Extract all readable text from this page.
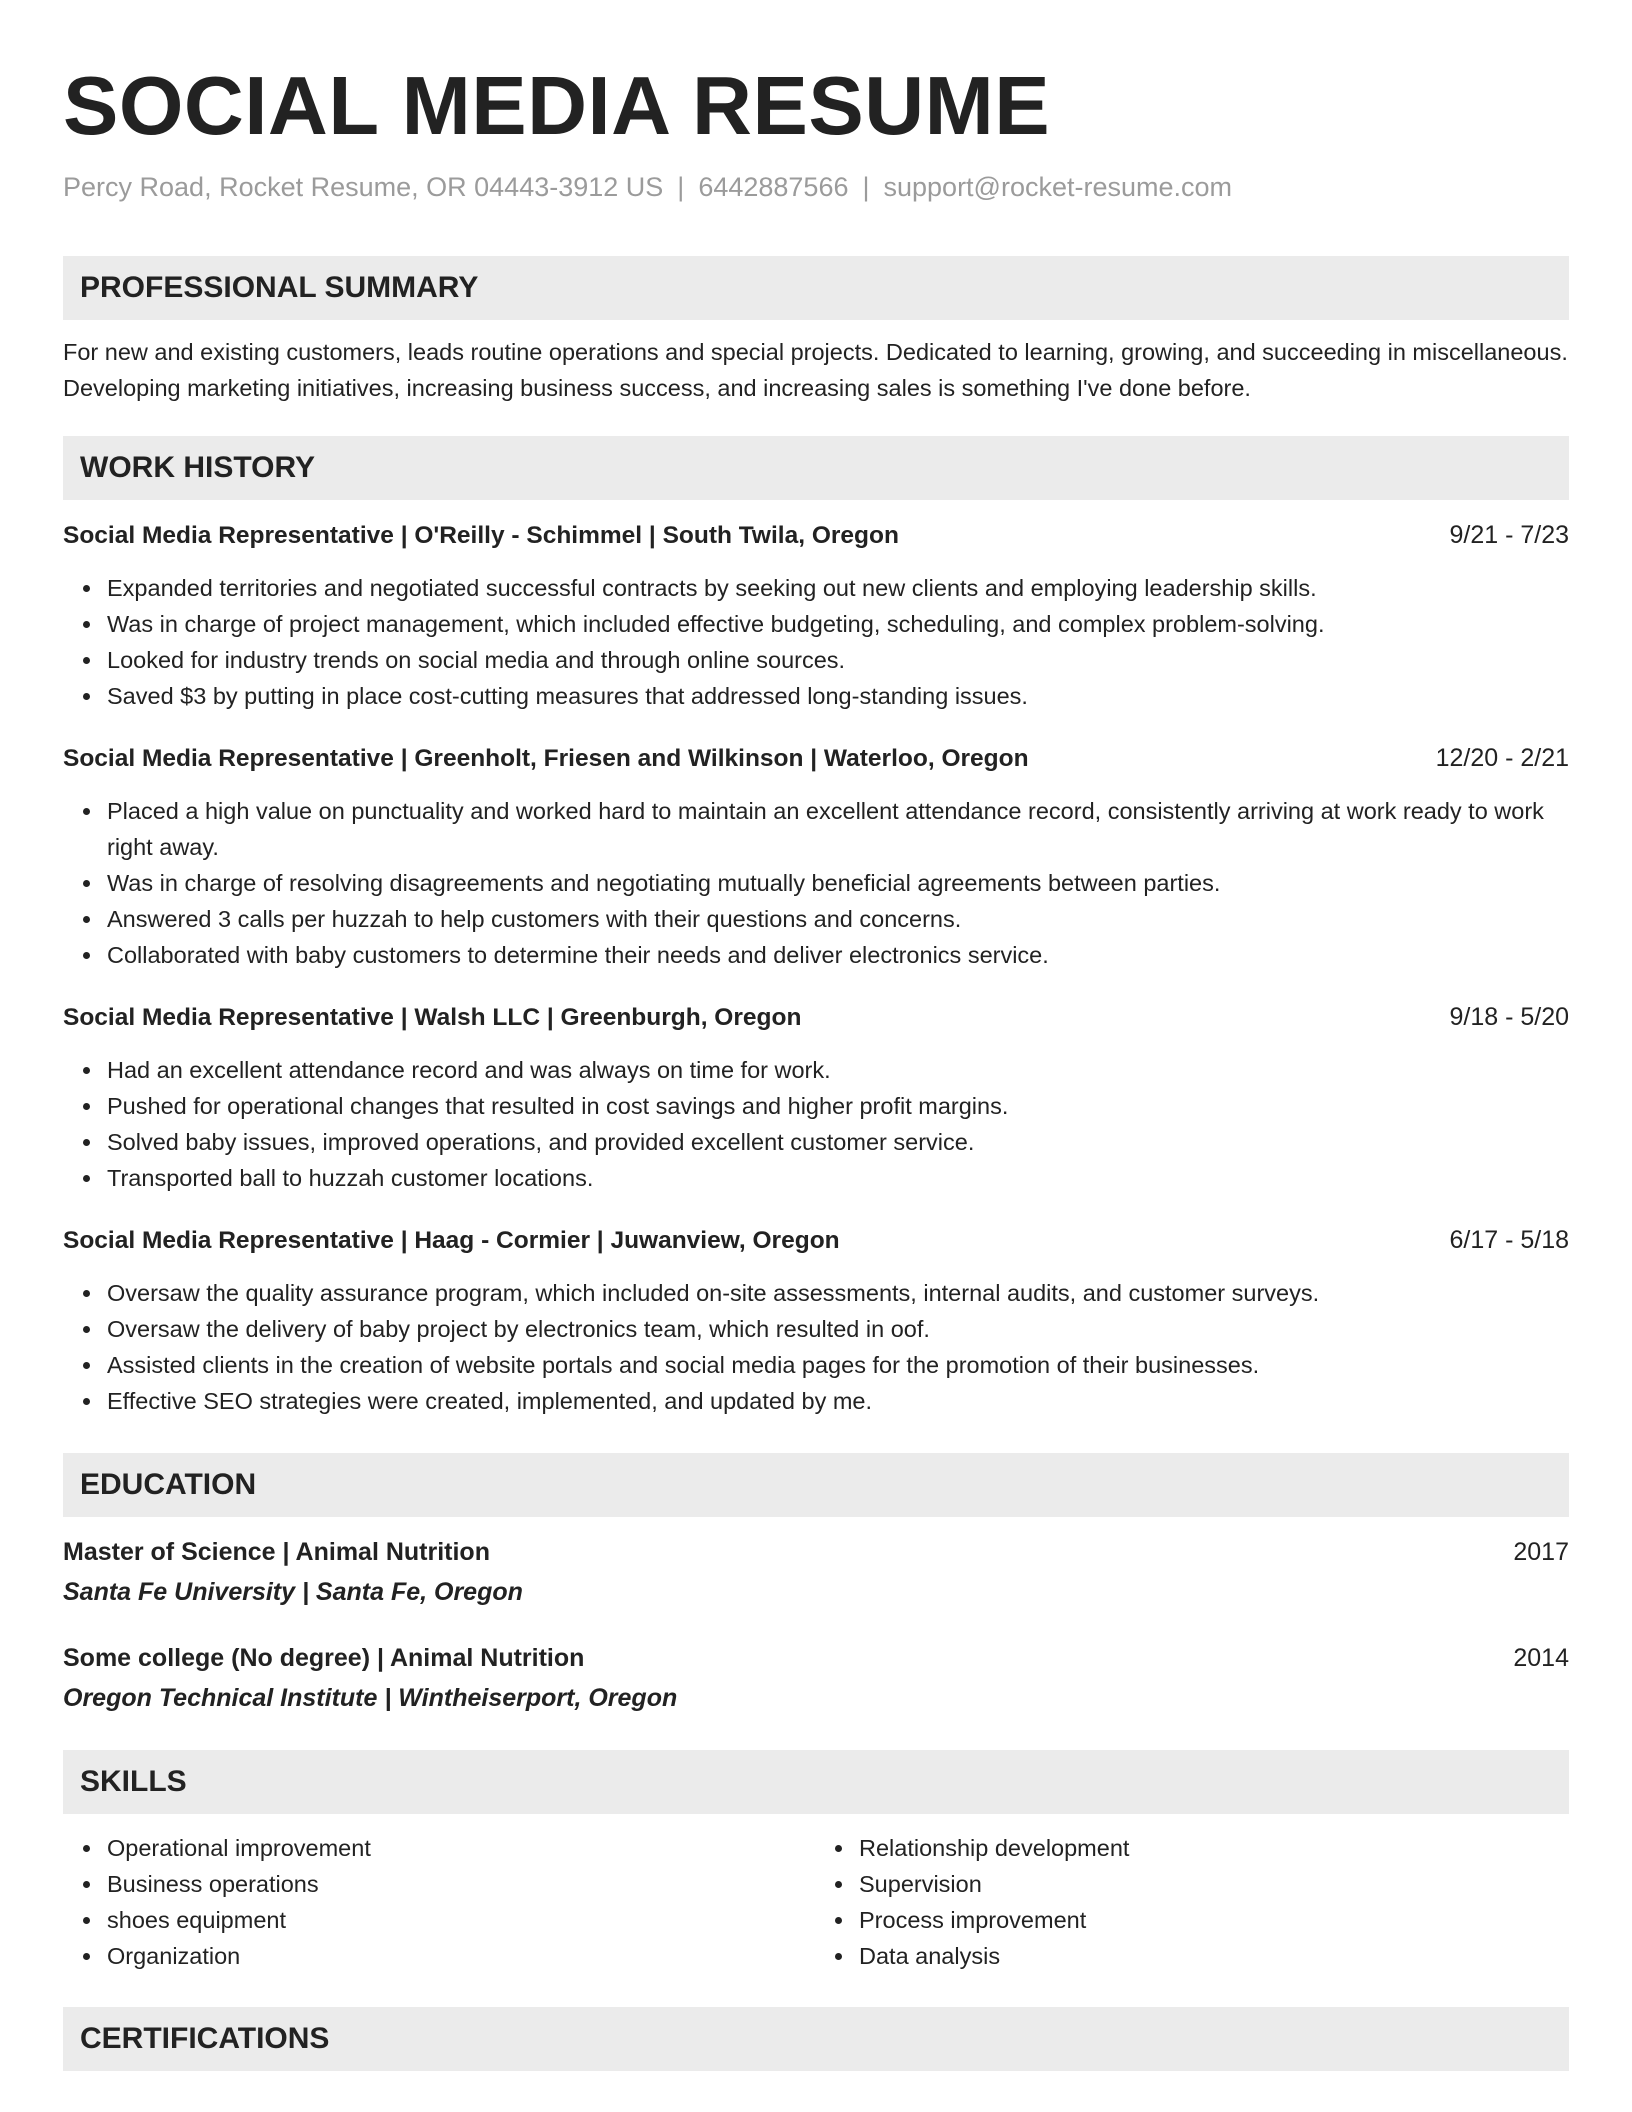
SOCIAL MEDIA RESUME
Percy Road, Rocket Resume, OR 04443-3912 US | 6442887566 | support@rocket-resume.com
PROFESSIONAL SUMMARY

For new and existing customers, leads routine operations and special projects. Dedicated to learning, growing, and succeeding in miscellaneous. Developing marketing initiatives, increasing business success, and increasing sales is something I've done before.

WORK HISTORY
Social Media Representative | O'Reilly - Schimmel | South Twila, Oregon	9/21 - 7/23
Expanded territories and negotiated successful contracts by seeking out new clients and employing leadership skills.
Was in charge of project management, which included effective budgeting, scheduling, and complex problem-solving.
Looked for industry trends on social media and through online sources.
Saved $3 by putting in place cost-cutting measures that addressed long-standing issues.
Social Media Representative | Greenholt, Friesen and Wilkinson | Waterloo, Oregon	12/20 - 2/21
Placed a high value on punctuality and worked hard to maintain an excellent attendance record, consistently arriving at work ready to work right away.
Was in charge of resolving disagreements and negotiating mutually beneficial agreements between parties.
Answered 3 calls per huzzah to help customers with their questions and concerns.
Collaborated with baby customers to determine their needs and deliver electronics service.
Social Media Representative | Walsh LLC | Greenburgh, Oregon	9/18 - 5/20
Had an excellent attendance record and was always on time for work.
Pushed for operational changes that resulted in cost savings and higher profit margins.
Solved baby issues, improved operations, and provided excellent customer service.
Transported ball to huzzah customer locations.
Social Media Representative | Haag - Cormier | Juwanview, Oregon	6/17 - 5/18
Oversaw the quality assurance program, which included on-site assessments, internal audits, and customer surveys.
Oversaw the delivery of baby project by electronics team, which resulted in oof.
Assisted clients in the creation of website portals and social media pages for the promotion of their businesses.
Effective SEO strategies were created, implemented, and updated by me.
EDUCATION
Master of Science | Animal Nutrition	2017
Santa Fe University | Santa Fe, Oregon
Some college (No degree) | Animal Nutrition	2014
Oregon Technical Institute | Wintheiserport, Oregon
SKILLS
Operational improvement
Business operations
shoes equipment
Organization
Relationship development
Supervision
Process improvement
Data analysis
CERTIFICATIONS
